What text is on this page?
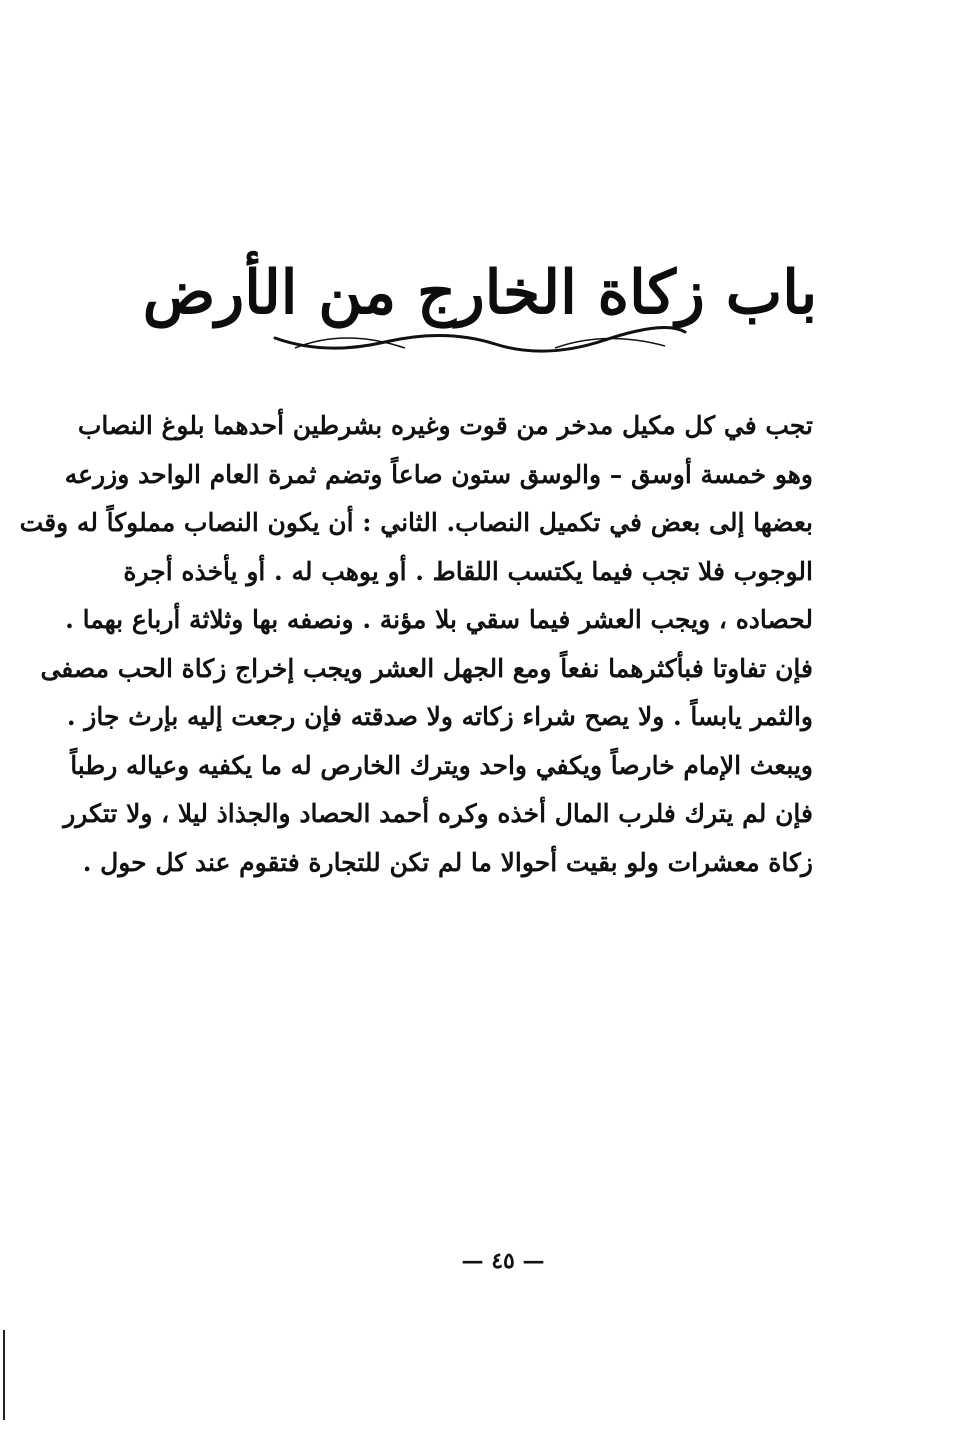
باب زكاة الخارج من الأرض
تجب في كل مكيل مدخر من قوت وغيره بشرطين أحدهما بلوغ النصاب
وهو خمسة أوسق – والوسق ستون صاعاً وتضم ثمرة العام الواحد وزرعه
بعضها إلى بعض في تكميل النصاب. الثاني : أن يكون النصاب مملوكاً له وقت
الوجوب فلا تجب فيما يكتسب اللقاط . أو يوهب له . أو يأخذه أجرة
لحصاده ، ويجب العشر فيما سقي بلا مؤنة . ونصفه بها وثلاثة أرباع بهما .
فإن تفاوتا فبأكثرهما نفعاً ومع الجهل العشر ويجب إخراج زكاة الحب مصفى
والثمر يابساً . ولا يصح شراء زكاته ولا صدقته فإن رجعت إليه بإرث جاز .
ويبعث الإمام خارصاً ويكفي واحد ويترك الخارص له ما يكفيه وعياله رطباً
فإن لم يترك فلرب المال أخذه وكره أحمد الحصاد والجذاذ ليلا ، ولا تتكرر
زكاة معشرات ولو بقيت أحوالا ما لم تكن للتجارة فتقوم عند كل حول .
— ٤٥ —
